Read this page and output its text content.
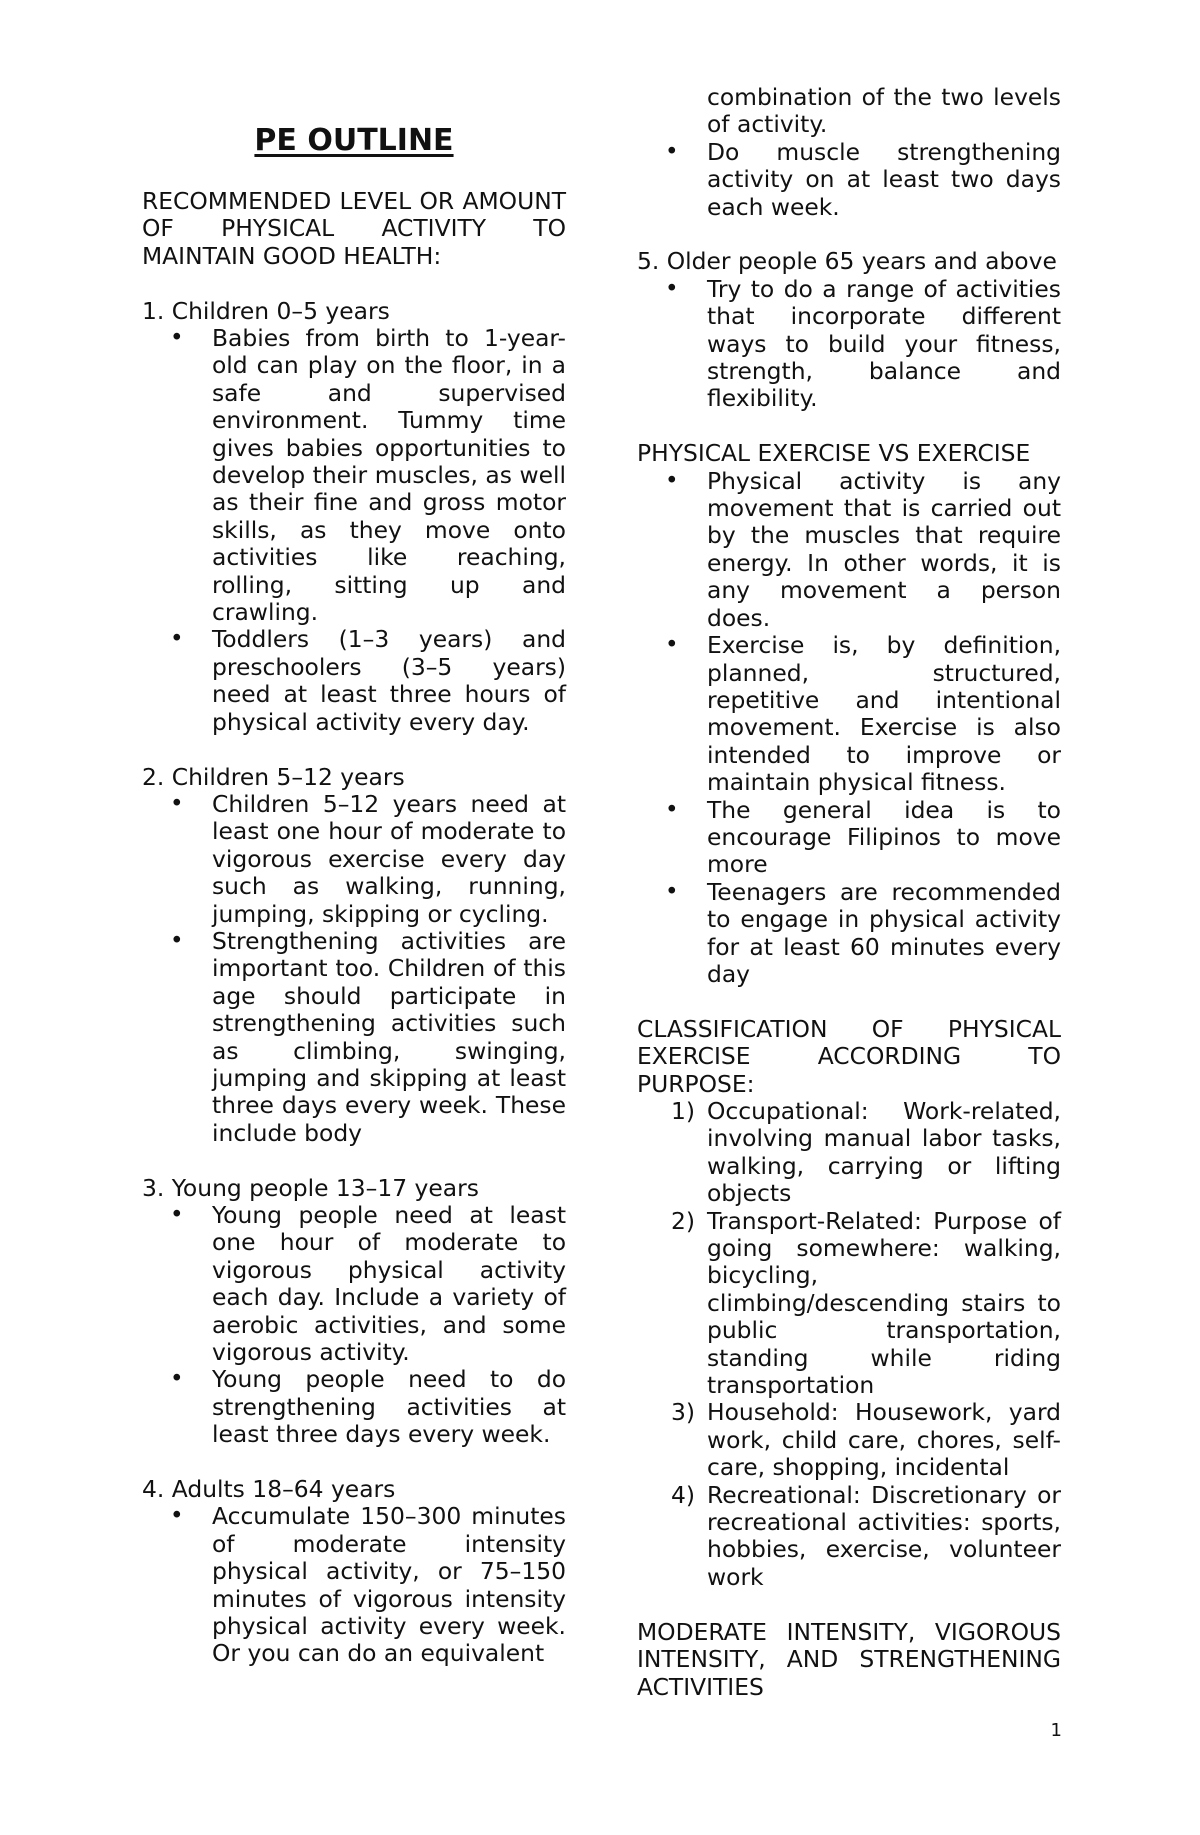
PE OUTLINE

RECOMMENDED LEVEL OR AMOUNT OF PHYSICAL ACTIVITY TO MAINTAIN GOOD HEALTH:

1. Children 0–5 years

• Babies from birth to 1-year-old can play on the floor, in a safe and supervised environment. Tummy time gives babies opportunities to develop their muscles, as well as their fine and gross motor skills, as they move onto activities like reaching, rolling, sitting up and crawling.
• Toddlers (1–3 years) and preschoolers (3–5 years) need at least three hours of physical activity every day.

2. Children 5–12 years

• Children 5–12 years need at least one hour of moderate to vigorous exercise every day such as walking, running, jumping, skipping or cycling.
• Strengthening activities are important too. Children of this age should participate in strengthening activities such as climbing, swinging, jumping and skipping at least three days every week. These include body

3. Young people 13–17 years

• Young people need at least one hour of moderate to vigorous physical activity each day. Include a variety of aerobic activities, and some vigorous activity.
• Young people need to do strengthening activities at least three days every week.

4. Adults 18–64 years

• Accumulate 150–300 minutes of moderate intensity physical activity, or 75–150 minutes of vigorous intensity physical activity every week. Or you can do an equivalent
combination of the two levels of activity.
• Do muscle strengthening activity on at least two days each week.

5. Older people 65 years and above

• Try to do a range of activities that incorporate different ways to build your fitness, strength, balance and flexibility.

PHYSICAL EXERCISE VS EXERCISE

• Physical activity is any movement that is carried out by the muscles that require energy. In other words, it is any movement a person does.
• Exercise is, by definition, planned, structured, repetitive and intentional movement. Exercise is also intended to improve or maintain physical fitness.
• The general idea is to encourage Filipinos to move more
• Teenagers are recommended to engage in physical activity for at least 60 minutes every day

CLASSIFICATION OF PHYSICAL EXERCISE ACCORDING TO PURPOSE:

1) Occupational: Work-related, involving manual labor tasks, walking, carrying or lifting objects
2) Transport-Related: Purpose of going somewhere: walking, bicycling, climbing/descending stairs to public transportation, standing while riding transportation
3) Household: Housework, yard work, child care, chores, self-care, shopping, incidental
4) Recreational: Discretionary or recreational activities: sports, hobbies, exercise, volunteer work

MODERATE INTENSITY, VIGOROUS INTENSITY, AND STRENGTHENING ACTIVITIES

1
